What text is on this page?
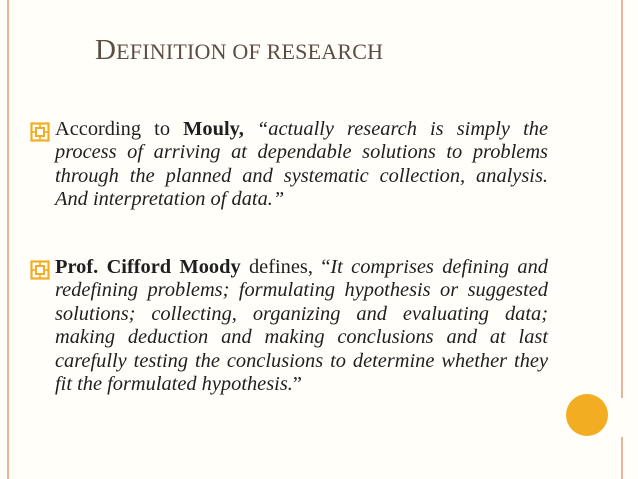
DEFINITION OF RESEARCH

According to Mouly, “actually research is simply the process of arriving at dependable solutions to problems through the planned and systematic collection, analysis. And interpretation of data.”

Prof. Cifford Moody defines, “It comprises defining and redefining problems; formulating hypothesis or suggested solutions; collecting, organizing and evaluating data; making deduction and making conclusions and at last carefully testing the conclusions to determine whether they fit the formulated hypothesis.”
